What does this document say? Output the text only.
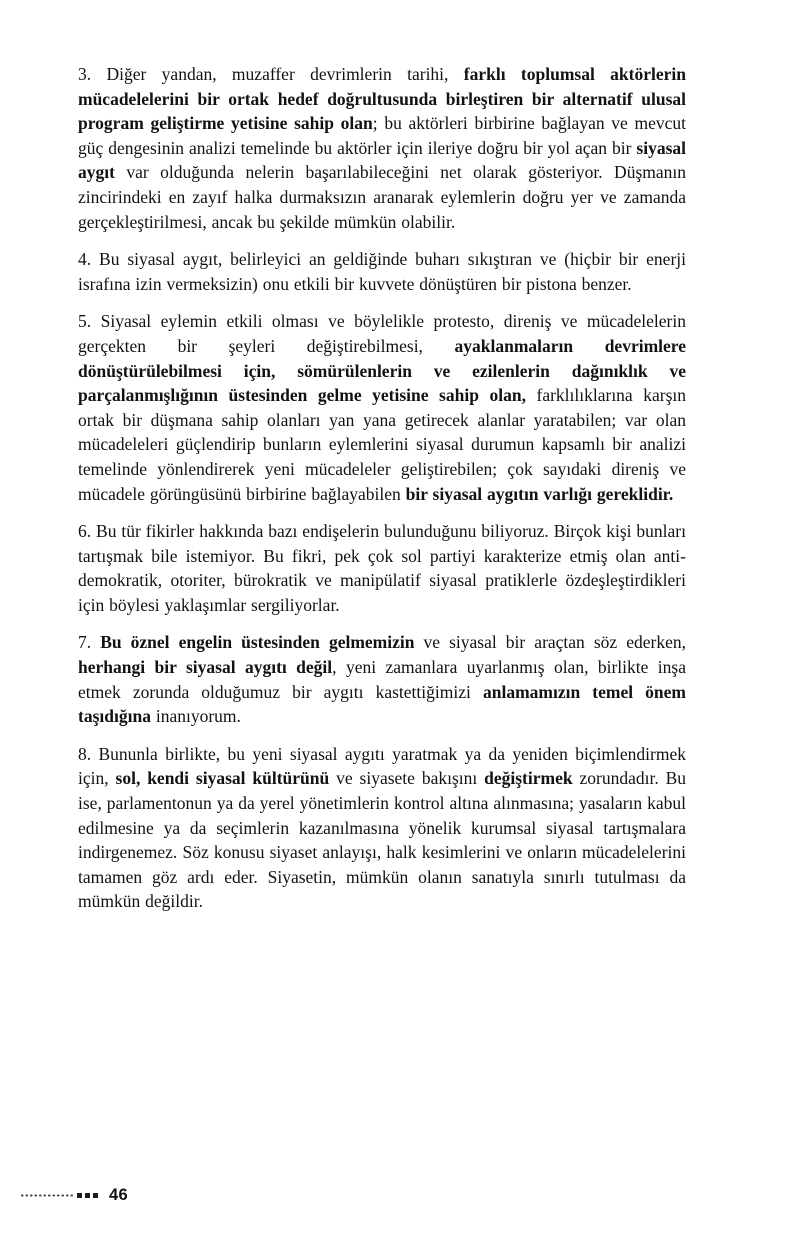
3. Diğer yandan, muzaffer devrimlerin tarihi, farklı toplumsal aktörlerin mücadelelerini bir ortak hedef doğrultusunda birleştiren bir alternatif ulusal program geliştirme yetisine sahip olan; bu aktörleri birbirine bağlayan ve mevcut güç dengesinin analizi temelinde bu aktörler için ileriye doğru bir yol açan bir siyasal aygıt var olduğunda nelerin başarılabileceğini net olarak gösteriyor. Düşmanın zincirindeki en zayıf halka durmaksızın aranarak eylemlerin doğru yer ve zamanda gerçekleştirilmesi, ancak bu şekilde mümkün olabilir.

4. Bu siyasal aygıt, belirleyici an geldiğinde buharı sıkıştıran ve (hiçbir bir enerji israfına izin vermeksizin) onu etkili bir kuvvete dönüştüren bir pistona benzer.

5. Siyasal eylemin etkili olması ve böylelikle protesto, direniş ve mücadelelerin gerçekten bir şeyleri değiştirebilmesi, ayaklanmaların devrimlere dönüştürülebilmesi için, sömürülenlerin ve ezilenlerin dağınıklık ve parçalanmışlığının üstesinden gelme yetisine sahip olan, farklılıklarına karşın ortak bir düşmana sahip olanları yan yana getirecek alanlar yaratabilen; var olan mücadeleleri güçlendirip bunların eylemlerini siyasal durumun kapsamlı bir analizi temelinde yönlendirerek yeni mücadeleler geliştirebilen; çok sayıdaki direniş ve mücadele görüngüsünü birbirine bağlayabilen bir siyasal aygıtın varlığı gereklidir.

6. Bu tür fikirler hakkında bazı endişelerin bulunduğunu biliyoruz. Birçok kişi bunları tartışmak bile istemiyor. Bu fikri, pek çok sol partiyi karakterize etmiş olan anti-demokratik, otoriter, bürokratik ve manipülatif siyasal pratiklerle özdeşleştirdikleri için böylesi yaklaşımlar sergiliyorlar.

7. Bu öznel engelin üstesinden gelmemizin ve siyasal bir araçtan söz ederken, herhangi bir siyasal aygıtı değil, yeni zamanlara uyarlanmış olan, birlikte inşa etmek zorunda olduğumuz bir aygıtı kastettiğimizi anlamamızın temel önem taşıdığına inanıyorum.

8. Bununla birlikte, bu yeni siyasal aygıtı yaratmak ya da yeniden biçimlendirmek için, sol, kendi siyasal kültürünü ve siyasete bakışını değiştirmek zorundadır. Bu ise, parlamentonun ya da yerel yönetimlerin kontrol altına alınmasına; yasaların kabul edilmesine ya da seçimlerin kazanılmasına yönelik kurumsal siyasal tartışmalara indirgenemez. Söz konusu siyaset anlayışı, halk kesimlerini ve onların mücadelelerini tamamen göz ardı eder. Siyasetin, mümkün olanın sanatıyla sınırlı tutulması da mümkün değildir.

46
